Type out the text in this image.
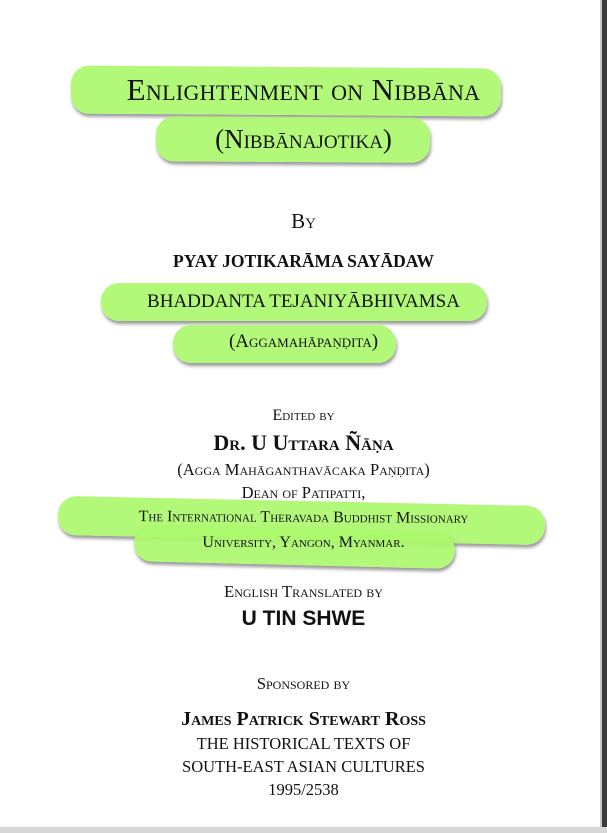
Enlightenment on Nibbāna
(Nibbānajotika)
By
PYAY JOTIKARĀMA SAYĀDAW
BHADDANTA TEJANIYĀBHIVAMSA
(Aggamahāpaṇḍita)
Edited by
Dr. U Uttara Ñāṇa
(Agga Mahāganthavācaka Paṇḍita)
Dean of Patipatti,
The International Theravada Buddhist Missionary
University, Yangon, Myanmar.
English Translated by
U TIN SHWE
Sponsored by
James Patrick Stewart Ross
THE HISTORICAL TEXTS OF
SOUTH-EAST ASIAN CULTURES
1995/2538
